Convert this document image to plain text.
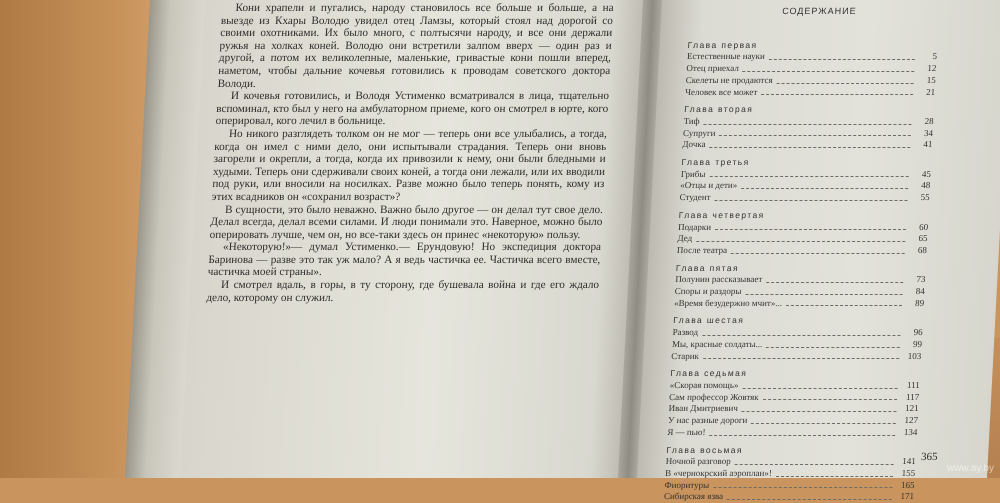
Кони храпели и пугались, народу становилось все больше и больше, а на выезде из Кхары Володю увидел отец Ламзы, который стоял над дорогой со своими охотниками. Их было много, с полтысячи народу, и все они держали ружья на холках коней. Володю они встретили залпом вверх — один раз и другой, а потом их великолепные, маленькие, гривастые кони пошли вперед, наметом, чтобы дальние кочевья готовились к проводам советского доктора Володи.

И кочевья готовились, и Володя Устименко всматривался в лица, тщательно вспоминал, кто был у него на амбулаторном приеме, кого он смотрел в юрте, кого оперировал, кого лечил в больнице.

Но никого разглядеть толком он не мог — теперь они все улыбались, а тогда, когда он имел с ними дело, они испытывали страдания. Теперь они вновь загорели и окрепли, а тогда, когда их привозили к нему, они были бледными и худыми. Теперь они сдерживали своих коней, а тогда они лежали, или их вводили под руки, или вносили на носилках. Разве можно было теперь понять, кому из этих всадников он «сохранил возраст»?

В сущности, это было неважно. Важно было другое — он делал тут свое дело. Делал всегда, делал всеми силами. И люди понимали это. Наверное, можно было оперировать лучше, чем он, но все-таки здесь он принес «некоторую» пользу.

«Некоторую!»— думал Устименко.— Ерундовую! Но экспедиция доктора Баринова — разве это так уж мало? А я ведь частичка ее. Частичка всего вместе, частичка моей страны».

И смотрел вдаль, в горы, в ту сторону, где бушевала война и где его ждало дело, которому он служил.

СОДЕРЖАНИЕ
Глава первая
Естественные науки	5
Отец приехал	12
Скелеты не продаются	15
Человек все может	21
Глава вторая
Тиф	28
Супруги	34
Дочка	41
Глава третья
Грибы	45
«Отцы и дети»	48
Студент	55
Глава четвертая
Подарки	60
Дед	65
После театра	68
Глава пятая
Полунин рассказывает	73
Споры и раздоры	84
«Время безудержно мчит»...	89
Глава шестая
Развод	96
Мы, красные солдаты...	99
Старик	103
Глава седьмая
«Скорая помощь»	111
Сам профессор Жовтяк	117
Иван Дмитриевич	121
У нас разные дороги	127
Я — пью!	134
Глава восьмая
Ночной разговор	141
В «чернокрский аэроплан»!	155
Фиоритуры	165
Сибирская язва	171
365
www.ay.by
